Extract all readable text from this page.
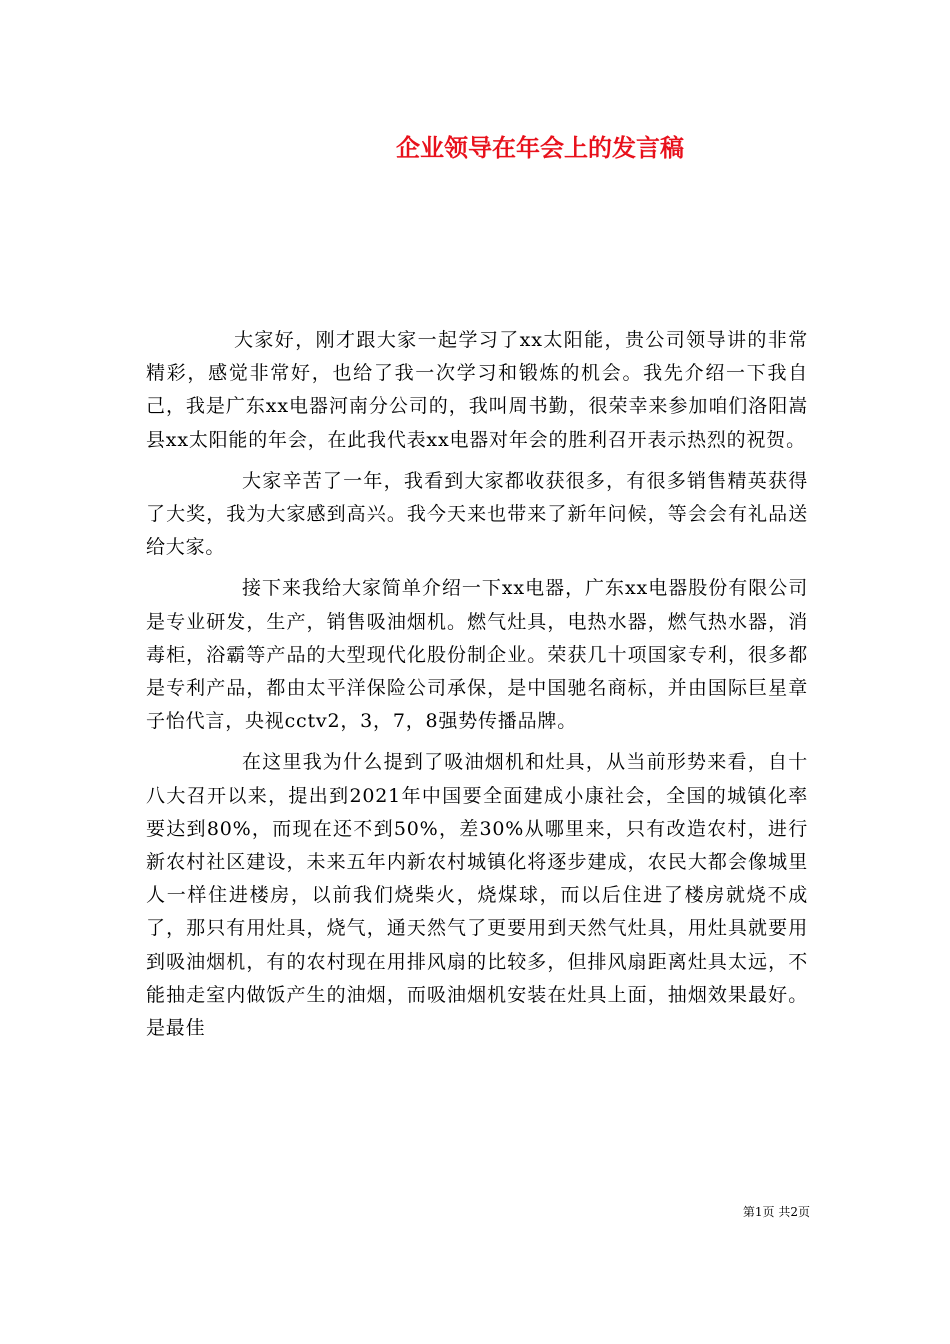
企业领导在年会上的发言稿

大家好，刚才跟大家一起学习了xx太阳能，贵公司领导讲的非常精彩，感觉非常好，也给了我一次学习和锻炼的机会。我先介绍一下我自己，我是广东xx电器河南分公司的，我叫周书勤，很荣幸来参加咱们洛阳嵩县xx太阳能的年会，在此我代表xx电器对年会的胜利召开表示热烈的祝贺。

大家辛苦了一年，我看到大家都收获很多，有很多销售精英获得了大奖，我为大家感到高兴。我今天来也带来了新年问候，等会会有礼品送给大家。

接下来我给大家简单介绍一下xx电器，广东xx电器股份有限公司是专业研发，生产，销售吸油烟机。燃气灶具，电热水器，燃气热水器，消毒柜，浴霸等产品的大型现代化股份制企业。荣获几十项国家专利，很多都是专利产品，都由太平洋保险公司承保，是中国驰名商标，并由国际巨星章子怡代言，央视cctv2，3，7，8强势传播品牌。

在这里我为什么提到了吸油烟机和灶具，从当前形势来看，自十八大召开以来，提出到2021年中国要全面建成小康社会，全国的城镇化率要达到80%，而现在还不到50%，差30%从哪里来，只有改造农村，进行新农村社区建设，未来五年内新农村城镇化将逐步建成，农民大都会像城里人一样住进楼房，以前我们烧柴火，烧煤球，而以后住进了楼房就烧不成了，那只有用灶具，烧气，通天然气了更要用到天然气灶具，用灶具就要用到吸油烟机，有的农村现在用排风扇的比较多，但排风扇距离灶具太远，不能抽走室内做饭产生的油烟，而吸油烟机安装在灶具上面，抽烟效果最好。是最佳

第1页 共2页
